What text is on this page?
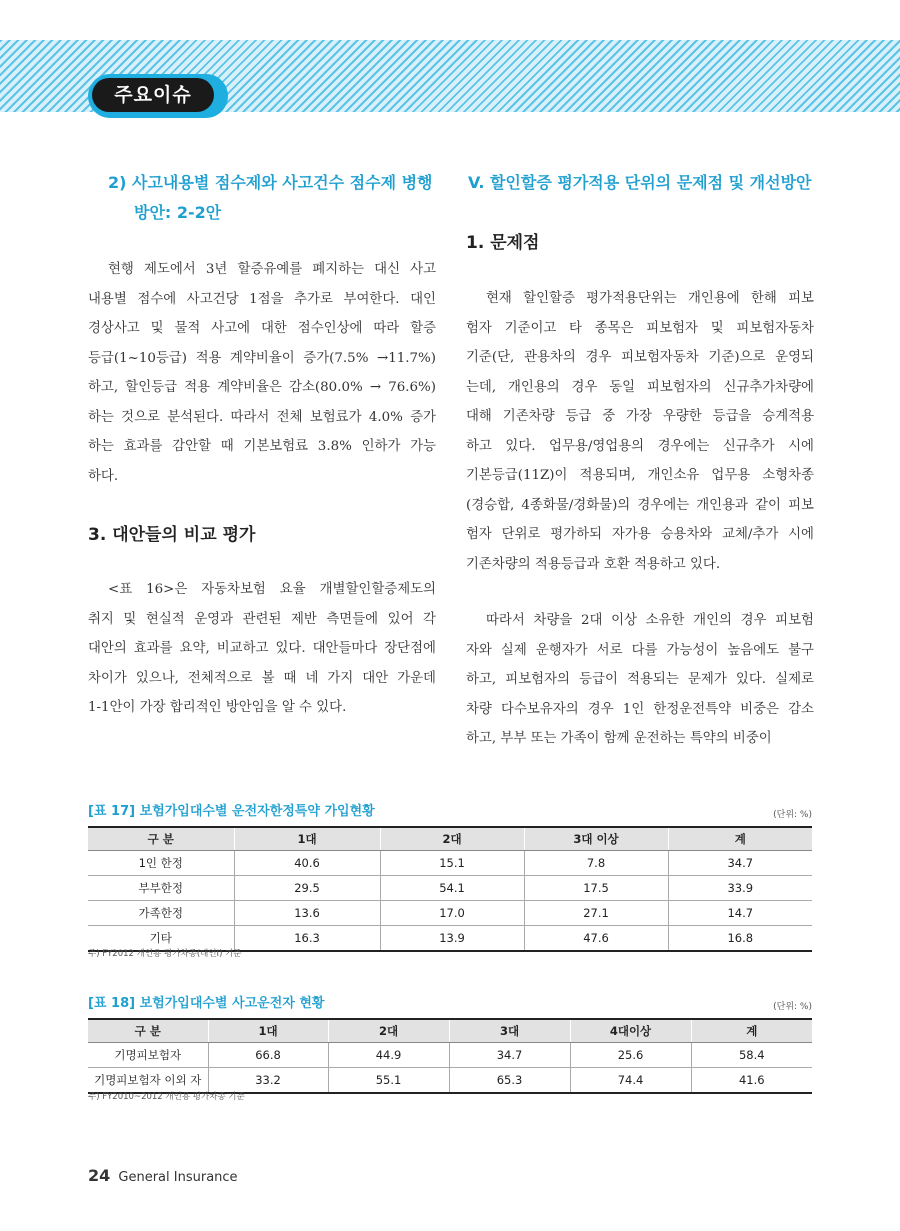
주요이슈
2) 사고내용별 점수제와 사고건수 점수제 병행
방안: 2-2안
현행 제도에서 3년 할증유예를 폐지하는 대신 사고
내용별 점수에 사고건당 1점을 추가로 부여한다. 대인
경상사고 및 물적 사고에 대한 점수인상에 따라 할증
등급(1~10등급) 적용 계약비율이 증가(7.5% →11.7%)
하고, 할인등급 적용 계약비율은 감소(80.0% → 76.6%)
하는 것으로 분석된다. 따라서 전체 보험료가 4.0% 증가
하는 효과를 감안할 때 기본보험료 3.8% 인하가 가능
하다.
3. 대안들의 비교 평가
<표 16>은 자동차보험 요율 개별할인할증제도의
취지 및 현실적 운영과 관련된 제반 측면들에 있어 각
대안의 효과를 요약, 비교하고 있다. 대안들마다 장단점에
차이가 있으나, 전체적으로 볼 때 네 가지 대안 가운데
1-1안이 가장 합리적인 방안임을 알 수 있다.
V. 할인할증 평가적용 단위의 문제점 및 개선방안
1. 문제점
현재 할인할증 평가적용단위는 개인용에 한해 피보
험자 기준이고 타 종목은 피보험자 및 피보험자동차
기준(단, 관용차의 경우 피보험자동차 기준)으로 운영되
는데, 개인용의 경우 동일 피보험자의 신규추가차량에
대해 기존차량 등급 중 가장 우량한 등급을 승계적용
하고 있다. 업무용/영업용의 경우에는 신규추가 시에
기본등급(11Z)이 적용되며, 개인소유 업무용 소형차종
(경승합, 4종화물/경화물)의 경우에는 개인용과 같이 피보
험자 단위로 평가하되 자가용 승용차와 교체/추가 시에
기존차량의 적용등급과 호환 적용하고 있다.
따라서 차량을 2대 이상 소유한 개인의 경우 피보험
자와 실제 운행자가 서로 다를 가능성이 높음에도 불구
하고, 피보험자의 등급이 적용되는 문제가 있다. 실제로
차량 다수보유자의 경우 1인 한정운전특약 비중은 감소
하고, 부부 또는 가족이 함께 운전하는 특약의 비중이
[표 17] 보험가입대수별 운전자한정특약 가입현황	(단위: %)
구 분	1대	2대	3대 이상	계
1인 한정	40.6	15.1	7.8	34.7
부부한정	29.5	54.1	17.5	33.9
가족한정	13.6	17.0	27.1	14.7
기타	16.3	13.9	47.6	16.8
주) FY2012 개인용 평가차종(대인I) 기준
[표 18] 보험가입대수별 사고운전자 현황	(단위: %)
구 분	1대	2대	3대	4대이상	계
기명피보험자	66.8	44.9	34.7	25.6	58.4
기명피보험자 이외 자	33.2	55.1	65.3	74.4	41.6
주) FY2010~2012 개인용 평가차종 기준
24 General Insurance
